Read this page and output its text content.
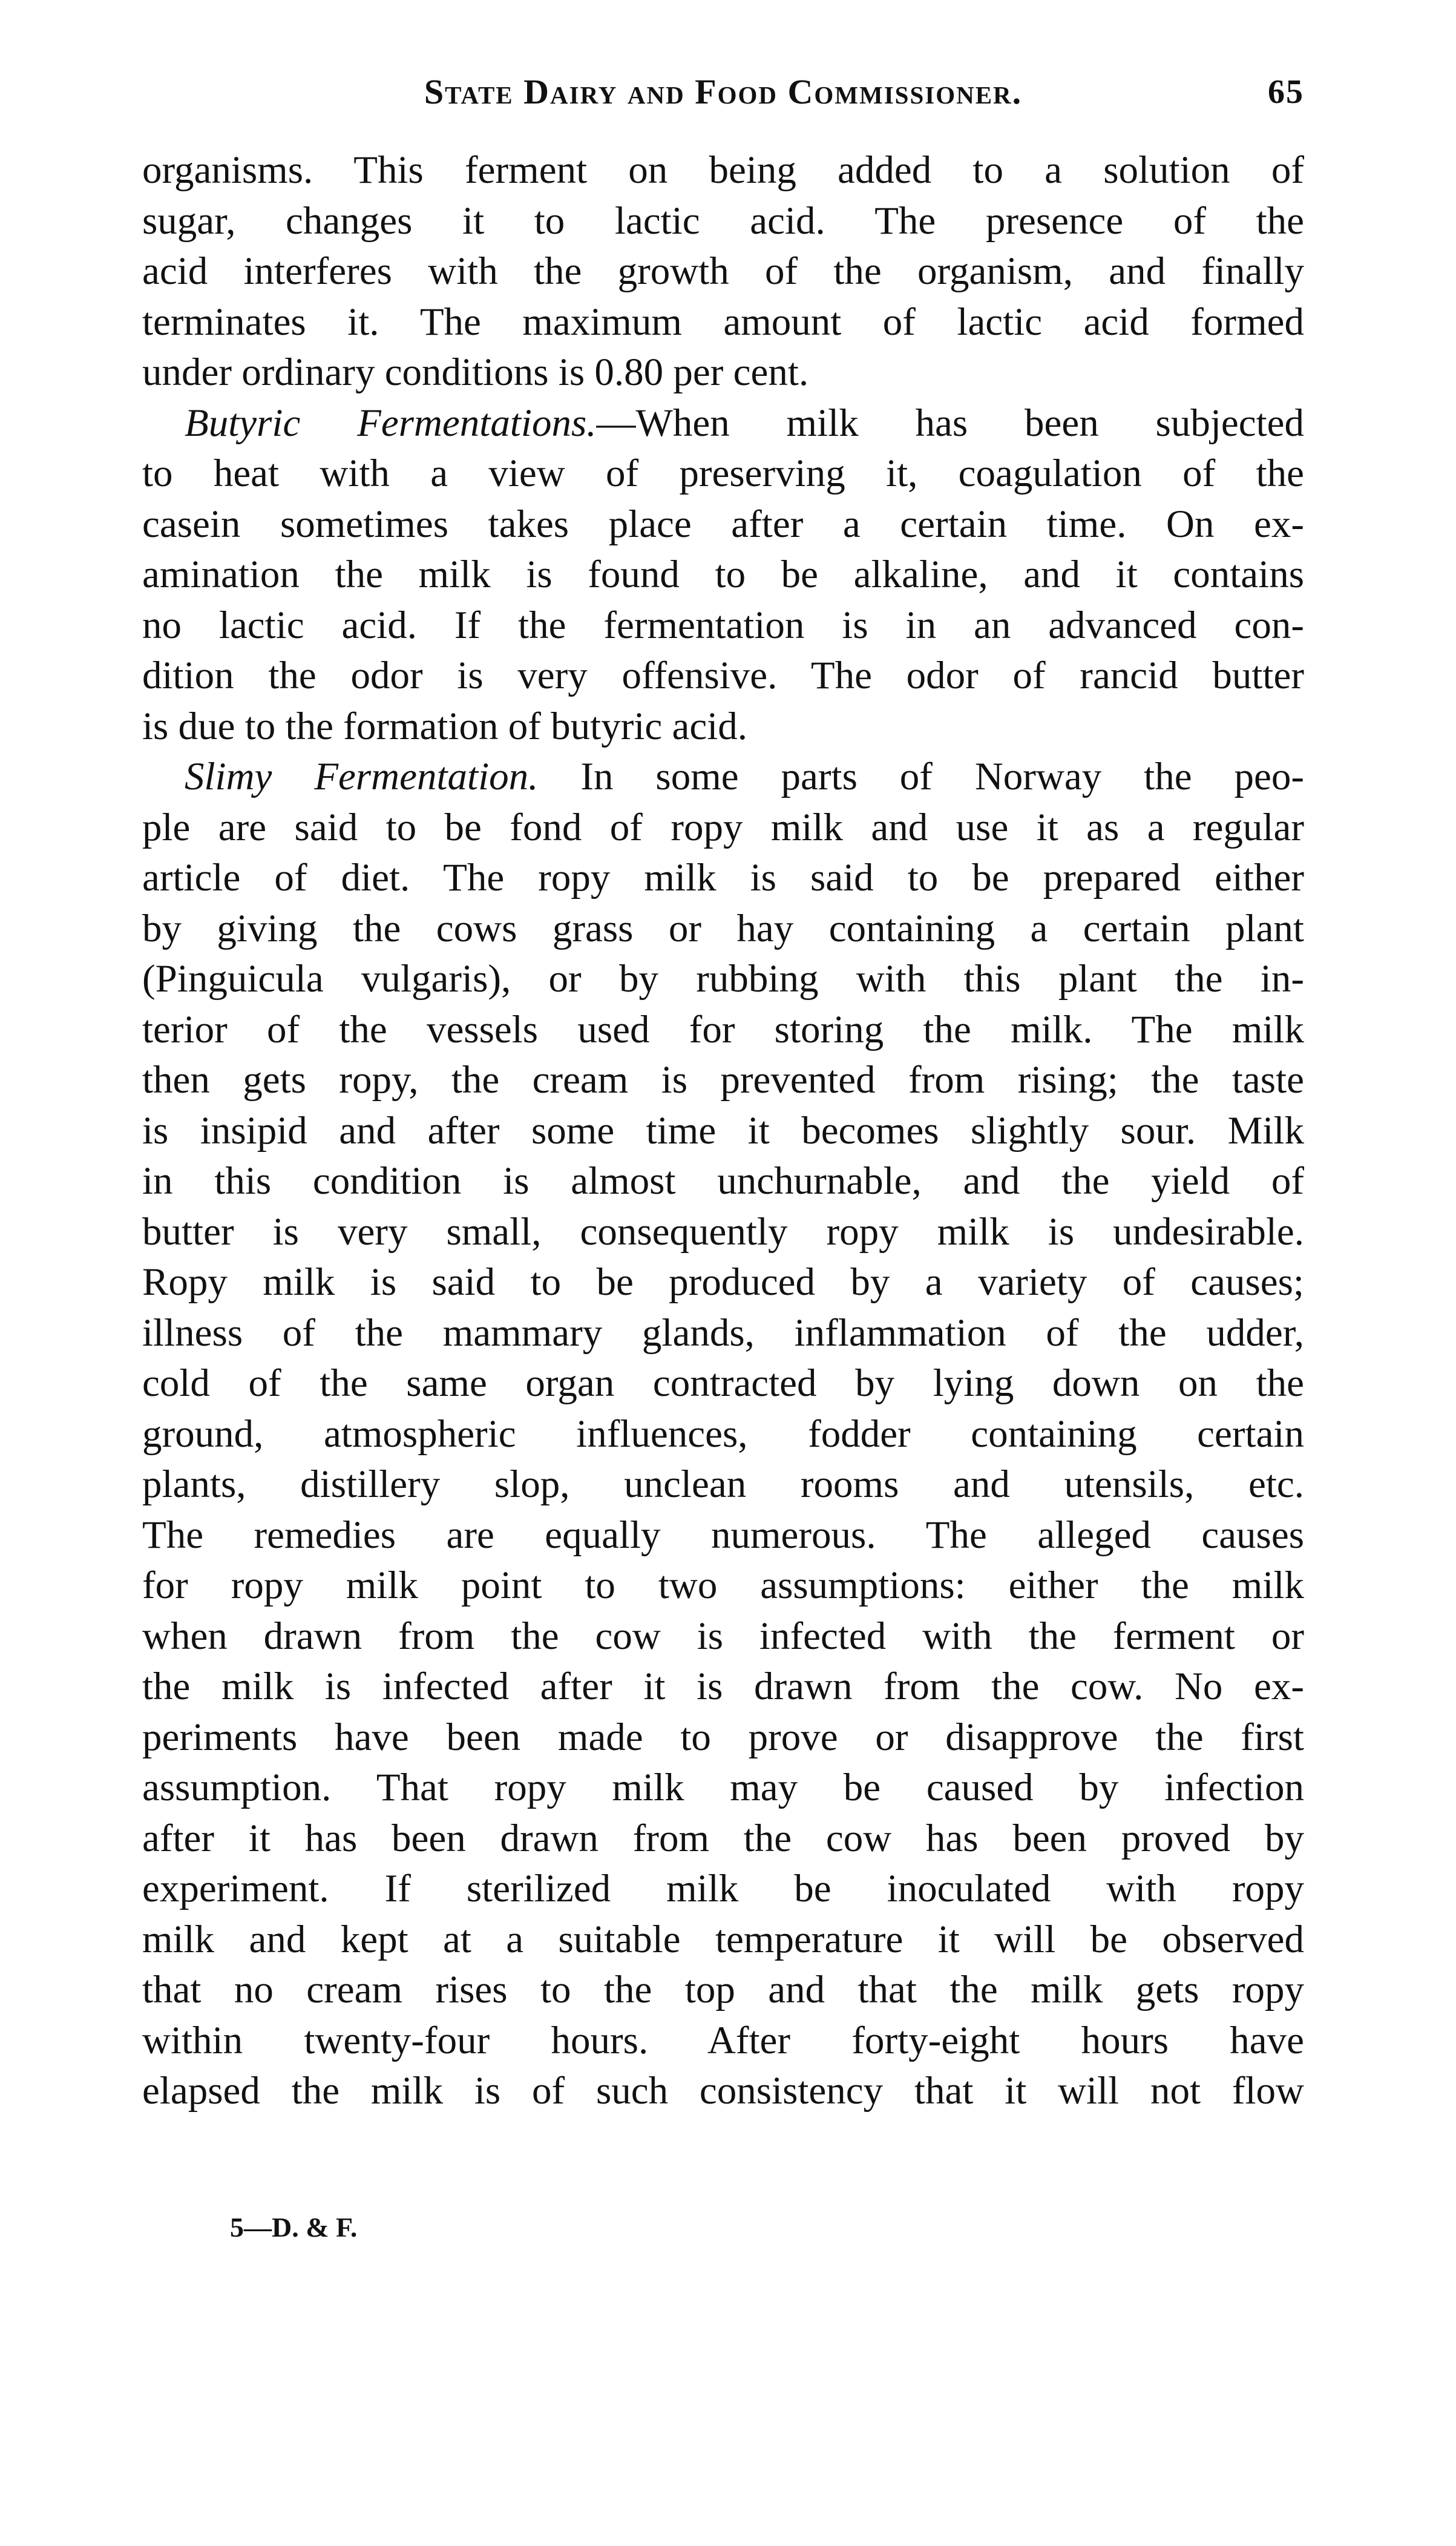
State Dairy and Food Commissioner.	65
organisms. This ferment on being added to a solution of
sugar, changes it to lactic acid. The presence of the
acid interferes with the growth of the organism, and finally
terminates it. The maximum amount of lactic acid formed
under ordinary conditions is 0.80 per cent.
Butyric Fermentations.—When milk has been subjected
to heat with a view of preserving it, coagulation of the
casein sometimes takes place after a certain time. On ex-
amination the milk is found to be alkaline, and it contains
no lactic acid. If the fermentation is in an advanced con-
dition the odor is very offensive. The odor of rancid butter
is due to the formation of butyric acid.
Slimy Fermentation. In some parts of Norway the peo-
ple are said to be fond of ropy milk and use it as a regular
article of diet. The ropy milk is said to be prepared either
by giving the cows grass or hay containing a certain plant
(Pinguicula vulgaris), or by rubbing with this plant the in-
terior of the vessels used for storing the milk. The milk
then gets ropy, the cream is prevented from rising; the taste
is insipid and after some time it becomes slightly sour. Milk
in this condition is almost unchurnable, and the yield of
butter is very small, consequently ropy milk is undesirable.
Ropy milk is said to be produced by a variety of causes;
illness of the mammary glands, inflammation of the udder,
cold of the same organ contracted by lying down on the
ground, atmospheric influences, fodder containing certain
plants, distillery slop, unclean rooms and utensils, etc.
The remedies are equally numerous. The alleged causes
for ropy milk point to two assumptions: either the milk
when drawn from the cow is infected with the ferment or
the milk is infected after it is drawn from the cow. No ex-
periments have been made to prove or disapprove the first
assumption. That ropy milk may be caused by infection
after it has been drawn from the cow has been proved by
experiment. If sterilized milk be inoculated with ropy
milk and kept at a suitable temperature it will be observed
that no cream rises to the top and that the milk gets ropy
within twenty-four hours. After forty-eight hours have
elapsed the milk is of such consistency that it will not flow
5—D. & F.
